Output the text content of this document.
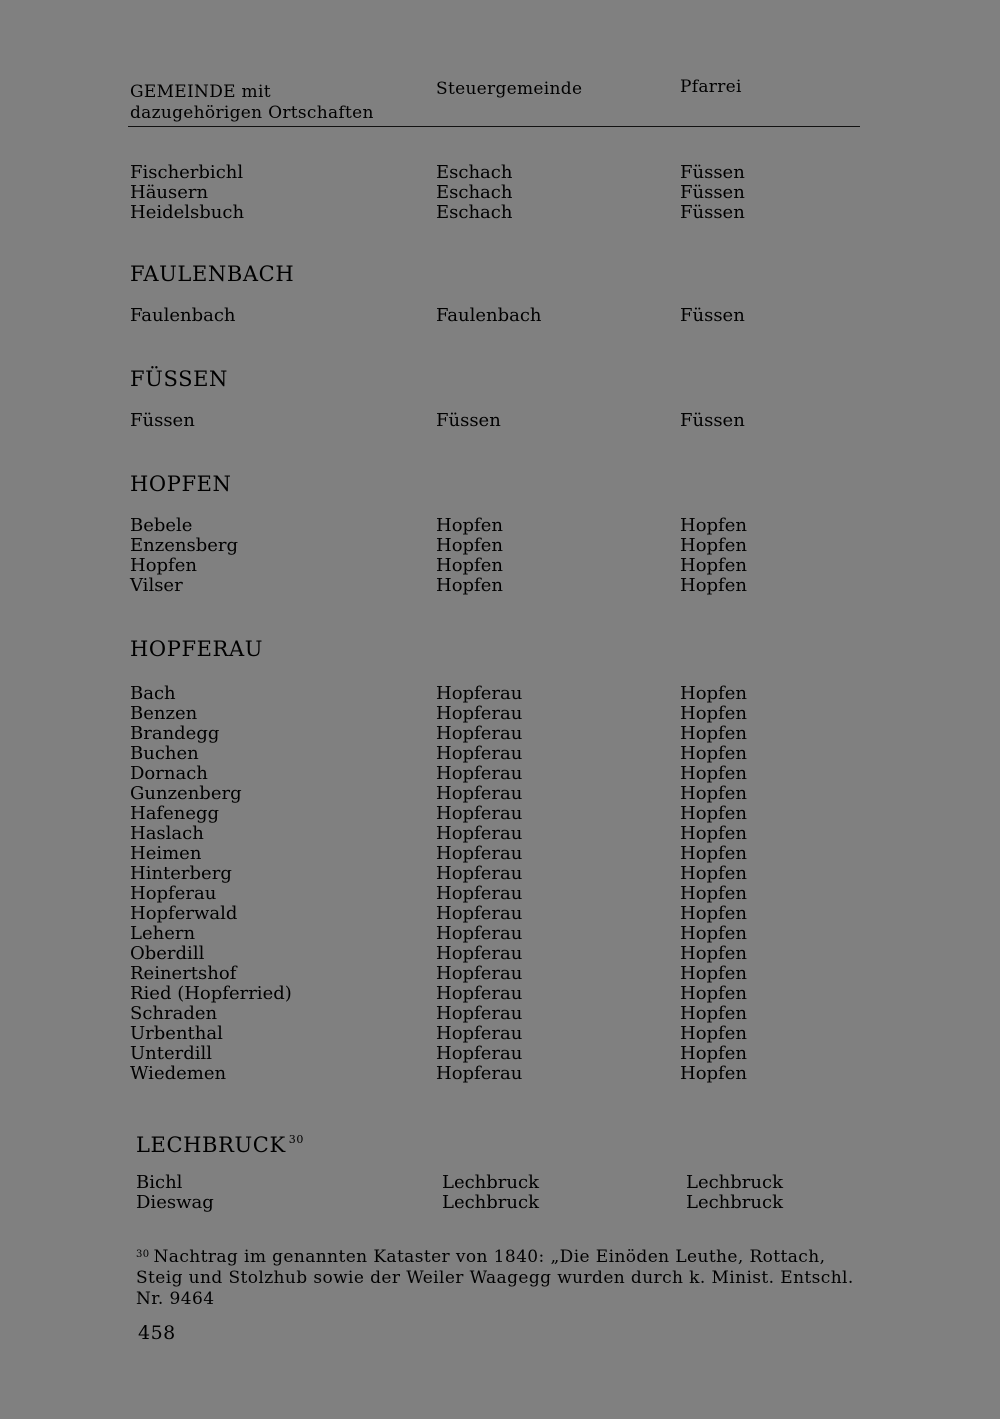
GEMEINDE mit
dazugehörigen Ortschaften
Steuergemeinde	Pfarrei
Fischerbichl	Eschach	Füssen
Häusern	Eschach	Füssen
Heidelsbuch	Eschach	Füssen
FAULENBACH
Faulenbach	Faulenbach	Füssen
FÜSSEN
Füssen	Füssen	Füssen
HOPFEN
Bebele	Hopfen	Hopfen
Enzensberg	Hopfen	Hopfen
Hopfen	Hopfen	Hopfen
Vilser	Hopfen	Hopfen
HOPFERAU
Bach	Hopferau	Hopfen
Benzen	Hopferau	Hopfen
Brandegg	Hopferau	Hopfen
Buchen	Hopferau	Hopfen
Dornach	Hopferau	Hopfen
Gunzenberg	Hopferau	Hopfen
Hafenegg	Hopferau	Hopfen
Haslach	Hopferau	Hopfen
Heimen	Hopferau	Hopfen
Hinterberg	Hopferau	Hopfen
Hopferau	Hopferau	Hopfen
Hopferwald	Hopferau	Hopfen
Lehern	Hopferau	Hopfen
Oberdill	Hopferau	Hopfen
Reinertshof	Hopferau	Hopfen
Ried (Hopferried)	Hopferau	Hopfen
Schraden	Hopferau	Hopfen
Urbenthal	Hopferau	Hopfen
Unterdill	Hopferau	Hopfen
Wiedemen	Hopferau	Hopfen
LECHBRUCK $^{30}$
Bichl	Lechbruck	Lechbruck
Dieswag	Lechbruck	Lechbruck
$^{30}$ Nachtrag im genannten Kataster von 1840: „Die Einöden Leuthe, Rottach, Steig und Stolzhub sowie der Weiler Waagegg wurden durch k. Minist. Entschl. Nr. 9464
458
